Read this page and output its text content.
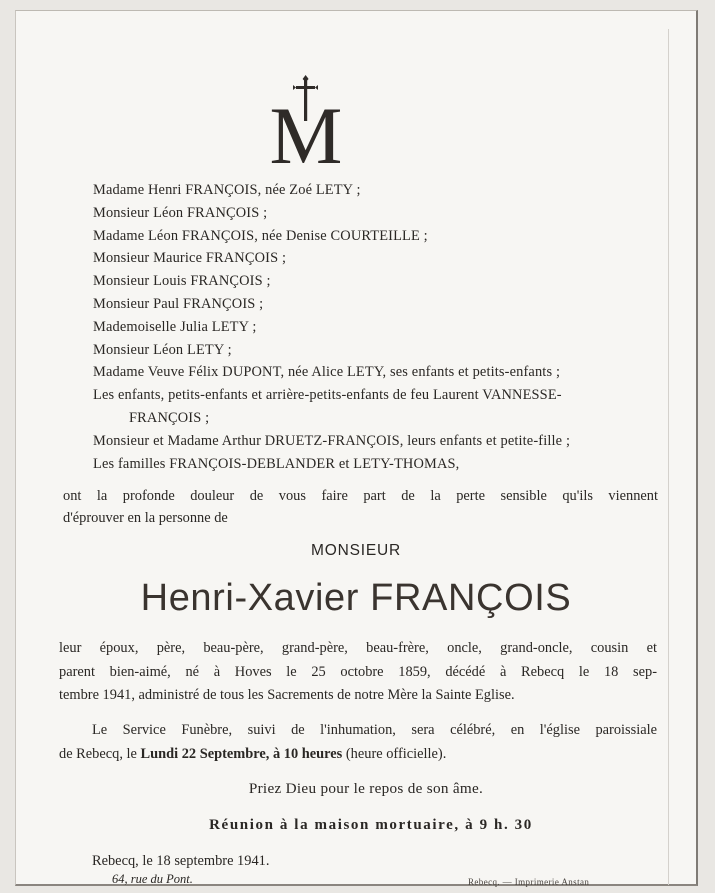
M
Madame Henri FRANÇOIS, née Zoé LETY ;
Monsieur Léon FRANÇOIS ;
Madame Léon FRANÇOIS, née Denise COURTEILLE ;
Monsieur Maurice FRANÇOIS ;
Monsieur Louis FRANÇOIS ;
Monsieur Paul FRANÇOIS ;
Mademoiselle Julia LETY ;
Monsieur Léon LETY ;
Madame Veuve Félix DUPONT, née Alice LETY, ses enfants et petits-enfants ;
Les enfants, petits-enfants et arrière-petits-enfants de feu Laurent VANNESSE-
FRANÇOIS ;
Monsieur et Madame Arthur DRUETZ-FRANÇOIS, leurs enfants et petite-fille ;
Les familles FRANÇOIS-DEBLANDER et LETY-THOMAS,
ont la profonde douleur de vous faire part de la perte sensible qu'ils viennent
d'éprouver en la personne de
MONSIEUR
Henri-Xavier FRANÇOIS
leur époux, père, beau-père, grand-père, beau-frère, oncle, grand-oncle, cousin et
parent bien-aimé, né à Hoves le 25 octobre 1859, décédé à Rebecq le 18 sep-
tembre 1941, administré de tous les Sacrements de notre Mère la Sainte Eglise.
Le Service Funèbre, suivi de l'inhumation, sera célébré, en l'église paroissiale
de Rebecq, le Lundi 22 Septembre, à 10 heures (heure officielle).
Priez Dieu pour le repos de son âme.
Réunion à la maison mortuaire, à 9 h. 30
Rebecq, le 18 septembre 1941.
64, rue du Pont.	Rebecq. — Imprimerie Anstan
